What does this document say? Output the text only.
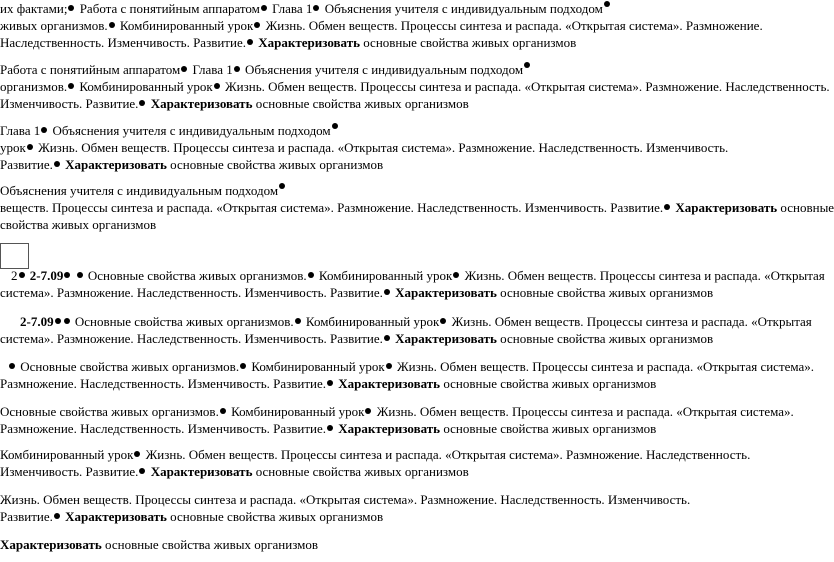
их фактами; Работа с понятийным аппаратом Глава 1 Объяснения учителя с индивидуальным подходом
живых организмов. Комбинированный урок Жизнь. Обмен веществ. Процессы синтеза и распада. «Открытая система». Размножение.
Наследственность. Изменчивость. Развитие. Характеризовать основные свойства живых организмов
Работа с понятийным аппаратом Глава 1 Объяснения учителя с индивидуальным подходом
организмов. Комбинированный урок Жизнь. Обмен веществ. Процессы синтеза и распада. «Открытая система». Размножение. Наследственность.
Изменчивость. Развитие. Характеризовать основные свойства живых организмов
Глава 1 Объяснения учителя с индивидуальным подходом
урок Жизнь. Обмен веществ. Процессы синтеза и распада. «Открытая система». Размножение. Наследственность. Изменчивость.
Развитие. Характеризовать основные свойства живых организмов
Объяснения учителя с индивидуальным подходом
веществ. Процессы синтеза и распада. «Открытая система». Размножение. Наследственность. Изменчивость. Развитие. Характеризовать основные
свойства живых организмов
2 2-7.09  Основные свойства живых организмов. Комбинированный урок Жизнь. Обмен веществ. Процессы синтеза и распада. «Открытая
система». Размножение. Наследственность. Изменчивость. Развитие. Характеризовать основные свойства живых организмов
2-7.09 Основные свойства живых организмов. Комбинированный урок Жизнь. Обмен веществ. Процессы синтеза и распада. «Открытая
система». Размножение. Наследственность. Изменчивость. Развитие. Характеризовать основные свойства живых организмов
Основные свойства живых организмов. Комбинированный урок Жизнь. Обмен веществ. Процессы синтеза и распада. «Открытая система».
Размножение. Наследственность. Изменчивость. Развитие. Характеризовать основные свойства живых организмов
Основные свойства живых организмов. Комбинированный урок Жизнь. Обмен веществ. Процессы синтеза и распада. «Открытая система».
Размножение. Наследственность. Изменчивость. Развитие. Характеризовать основные свойства живых организмов
Комбинированный урок Жизнь. Обмен веществ. Процессы синтеза и распада. «Открытая система». Размножение. Наследственность.
Изменчивость. Развитие. Характеризовать основные свойства живых организмов
Жизнь. Обмен веществ. Процессы синтеза и распада. «Открытая система». Размножение. Наследственность. Изменчивость.
Развитие. Характеризовать основные свойства живых организмов
Характеризовать основные свойства живых организмов
